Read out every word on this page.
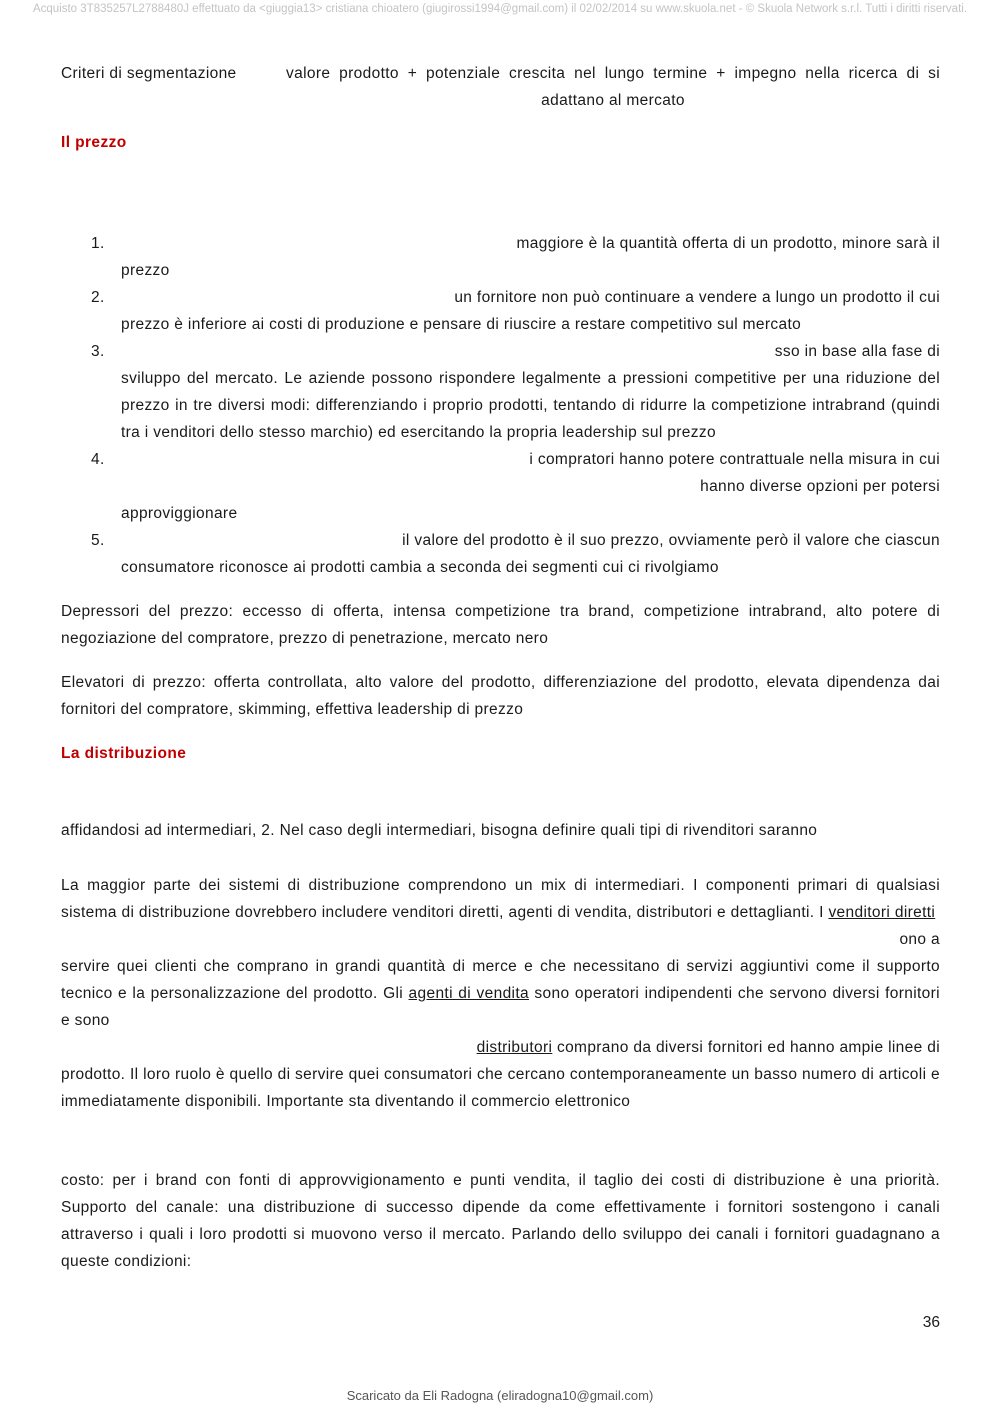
Acquisto 3T835257L2788480J effettuato da <giuggia13> cristiana chioatero (giugirossi1994@gmail.com) il 02/02/2014 su www.skuola.net - © Skuola Network s.r.l. Tutti i diritti riservati.
Criteri di segmentazione	valore prodotto + potenziale crescita nel lungo termine + impegno nella ricerca di si adattano al mercato
Il prezzo
1.	maggiore è la quantità offerta di un prodotto, minore sarà il
prezzo
2.	un fornitore non può continuare a vendere a lungo un prodotto il cui
prezzo è inferiore ai costi di produzione e pensare di riuscire a restare competitivo sul mercato
3.	sso in base alla fase di
sviluppo del mercato. Le aziende possono rispondere legalmente a pressioni competitive per una riduzione del prezzo in tre diversi modi: differenziando i proprio prodotti, tentando di ridurre la competizione intrabrand (quindi tra i venditori dello stesso marchio) ed esercitando la propria leadership sul prezzo
4.	i compratori hanno potere contrattuale nella misura in cui
hanno diverse opzioni per potersi
approviggionare
5.	il valore del prodotto è il suo prezzo, ovviamente però il valore che ciascun
consumatore riconosce ai prodotti cambia a seconda dei segmenti cui ci rivolgiamo

Depressori del prezzo: eccesso di offerta, intensa competizione tra brand, competizione intrabrand, alto potere di negoziazione del compratore, prezzo di penetrazione, mercato nero

Elevatori di prezzo: offerta controllata, alto valore del prodotto, differenziazione del prodotto, elevata dipendenza dai fornitori del compratore, skimming, effettiva leadership di prezzo

La distribuzione

affidandosi ad intermediari, 2. Nel caso degli intermediari, bisogna definire quali tipi di rivenditori saranno

La maggior parte dei sistemi di distribuzione comprendono un mix di intermediari. I componenti primari di qualsiasi sistema di distribuzione dovrebbero includere venditori diretti, agenti di vendita, distributori e dettaglianti. I venditori diretti
ono a
servire quei clienti che comprano in grandi quantità di merce e che necessitano di servizi aggiuntivi come il supporto tecnico e la personalizzazione del prodotto. Gli agenti di vendita sono operatori indipendenti che servono diversi fornitori e sono
distributori comprano da diversi fornitori ed hanno ampie linee di
prodotto. Il loro ruolo è quello di servire quei consumatori che cercano contemporaneamente un basso numero di articoli e immediatamente disponibili. Importante sta diventando il commercio elettronico

costo: per i brand con fonti di approvvigionamento e punti vendita, il taglio dei costi di distribuzione è una priorità. Supporto del canale: una distribuzione di successo dipende da come effettivamente i fornitori sostengono i canali attraverso i quali i loro prodotti si muovono verso il mercato. Parlando dello sviluppo dei canali i fornitori guadagnano a queste condizioni:

36
Scaricato da Eli Radogna (eliradogna10@gmail.com)
